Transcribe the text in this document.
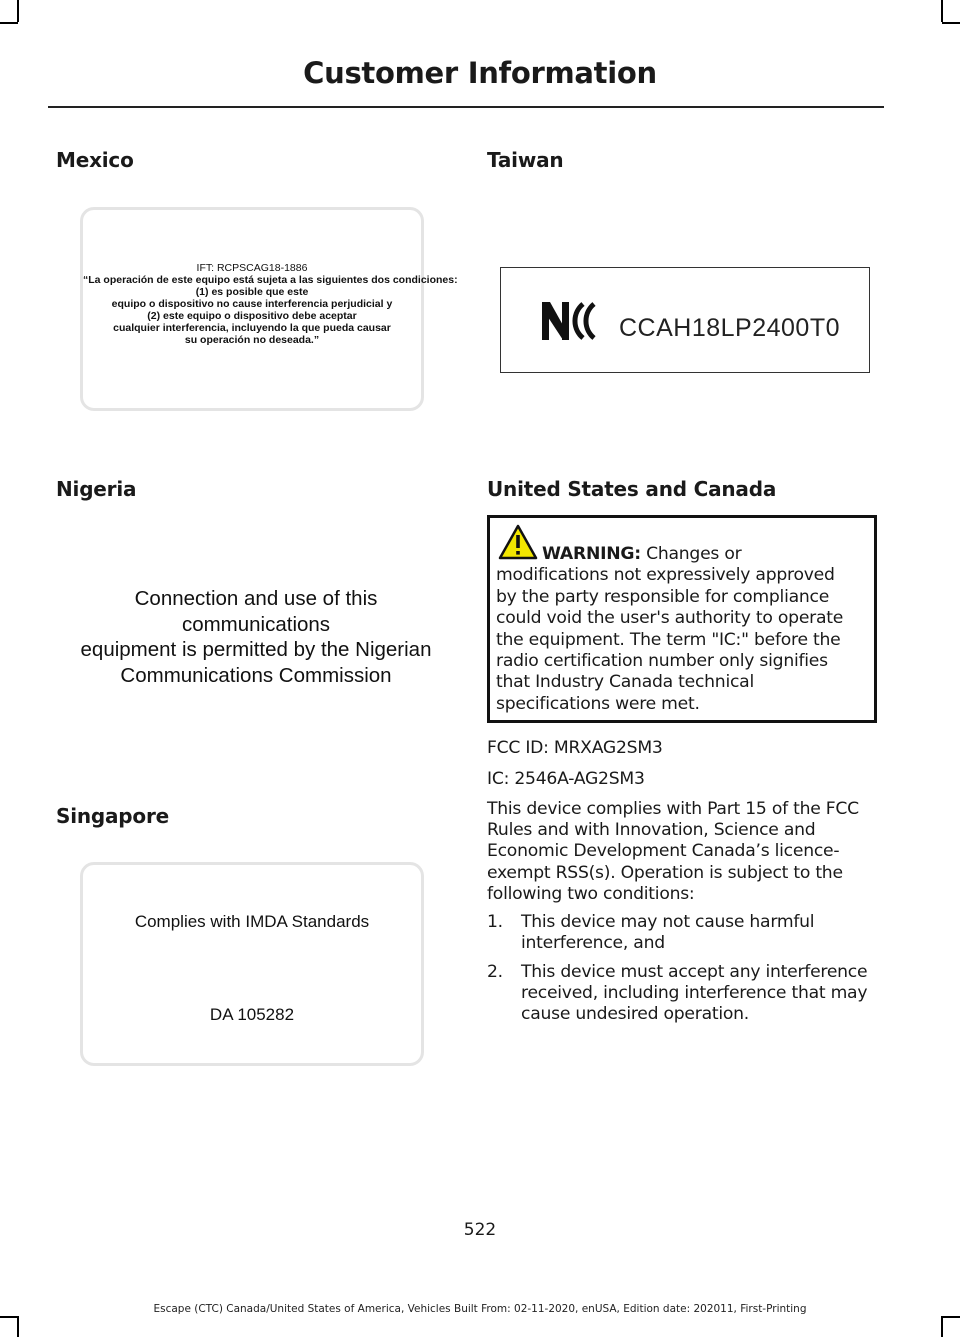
Customer Information
Mexico
IFT: RCPSCAG18-1886
“La operación de este equipo está sujeta a las siguientes dos condiciones:
(1) es posible que este
equipo o dispositivo no cause interferencia perjudicial y
(2) este equipo o dispositivo debe aceptar
cualquier interferencia, incluyendo la que pueda causar
su operación no deseada.”
Nigeria
Connection and use of this
communications
equipment is permitted by the Nigerian
Communications Commission
Singapore
Complies with IMDA Standards
DA 105282
Taiwan
CCAH18LP2400T0
United States and Canada
WARNING: Changes or
modifications not expressively approved
by the party responsible for compliance
could void the user's authority to operate
the equipment. The term "IC:" before the
radio certification number only signifies
that Industry Canada technical
specifications were met.
FCC ID: MRXAG2SM3
IC: 2546A-AG2SM3
This device complies with Part 15 of the FCC Rules and with Innovation, Science and Economic Development Canada’s licence-exempt RSS(s). Operation is subject to the following two conditions:
1. This device may not cause harmful interference, and
2. This device must accept any interference received, including interference that may cause undesired operation.
522
Escape (CTC) Canada/United States of America, Vehicles Built From: 02-11-2020, enUSA, Edition date: 202011, First-Printing
